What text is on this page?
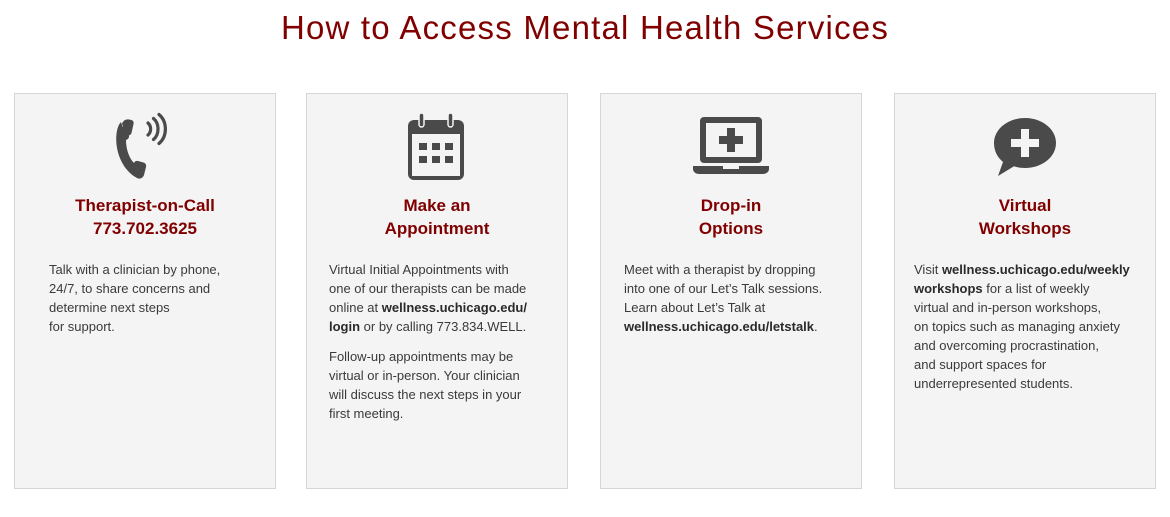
How to Access Mental Health Services
Therapist-on-Call
773.702.3625

Talk with a clinician by phone,
24/7, to share concerns and
determine next steps
for support.

Make an
Appointment

Virtual Initial Appointments with
one of our therapists can be made
online at wellness.uchicago.edu/
login or by calling 773.834.WELL.

Follow-up appointments may be
virtual or in-person. Your clinician
will discuss the next steps in your
first meeting.

Drop-in
Options

Meet with a therapist by dropping
into one of our Let’s Talk sessions.
Learn about Let’s Talk at
wellness.uchicago.edu/letstalk.

Virtual
Workshops

Visit wellness.uchicago.edu/weekly
workshops for a list of weekly
virtual and in-person workshops,
on topics such as managing anxiety
and overcoming procrastination,
and support spaces for
underrepresented students.
